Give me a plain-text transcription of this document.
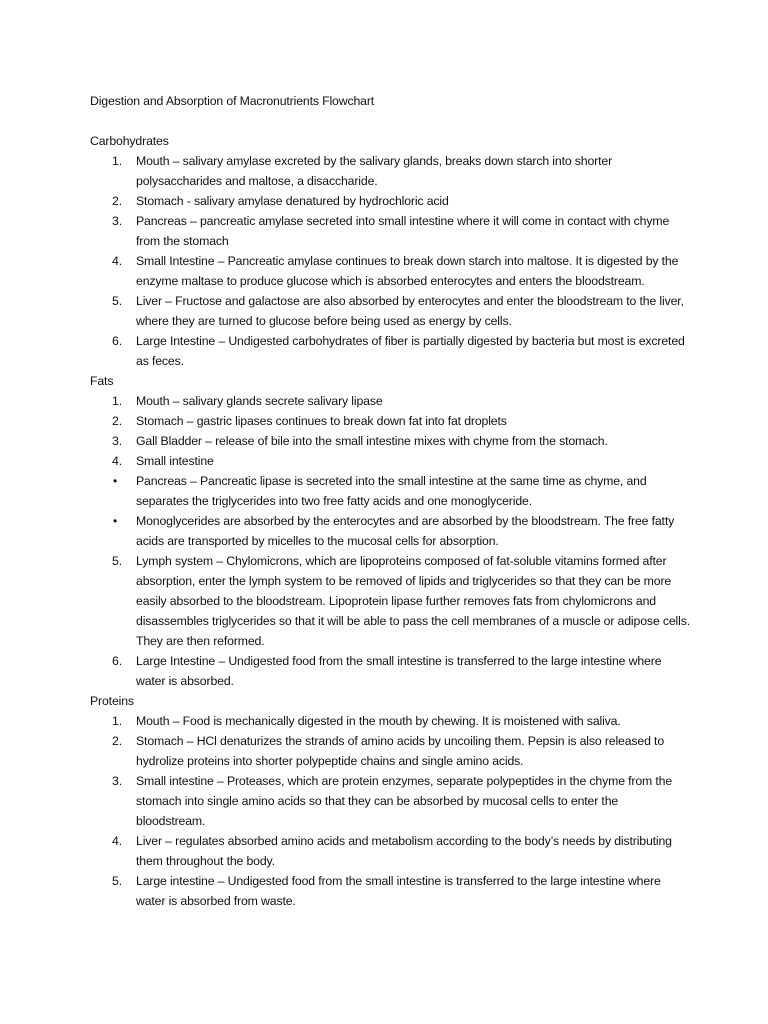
Digestion and Absorption of Macronutrients Flowchart
Carbohydrates
1.	Mouth – salivary amylase excreted by the salivary glands, breaks down starch into shorter polysaccharides and maltose, a disaccharide.
2.	Stomach - salivary amylase denatured by hydrochloric acid
3.	Pancreas – pancreatic amylase secreted into small intestine where it will come in contact with chyme from the stomach
4.	Small Intestine – Pancreatic amylase continues to break down starch into maltose. It is digested by the enzyme maltase to produce glucose which is absorbed enterocytes and enters the bloodstream.
5.	Liver – Fructose and galactose are also absorbed by enterocytes and enter the bloodstream to the liver, where they are turned to glucose before being used as energy by cells.
6.	Large Intestine – Undigested carbohydrates of fiber is partially digested by bacteria but most is excreted as feces.
Fats
1.	Mouth – salivary glands secrete salivary lipase
2.	Stomach – gastric lipases continues to break down fat into fat droplets
3.	Gall Bladder – release of bile into the small intestine mixes with chyme from the stomach.
4.	Small intestine
• Pancreas – Pancreatic lipase is secreted into the small intestine at the same time as chyme, and separates the triglycerides into two free fatty acids and one monoglyceride.
• Monoglycerides are absorbed by the enterocytes and are absorbed by the bloodstream. The free fatty acids are transported by micelles to the mucosal cells for absorption.
5.	Lymph system – Chylomicrons, which are lipoproteins composed of fat-soluble vitamins formed after absorption, enter the lymph system to be removed of lipids and triglycerides so that they can be more easily absorbed to the bloodstream. Lipoprotein lipase further removes fats from chylomicrons and disassembles triglycerides so that it will be able to pass the cell membranes of a muscle or adipose cells. They are then reformed.
6.	Large Intestine – Undigested food from the small intestine is transferred to the large intestine where water is absorbed.
Proteins
1.	Mouth – Food is mechanically digested in the mouth by chewing. It is moistened with saliva.
2.	Stomach – HCl denaturizes the strands of amino acids by uncoiling them. Pepsin is also released to hydrolize proteins into shorter polypeptide chains and single amino acids.
3.	Small intestine – Proteases, which are protein enzymes, separate polypeptides in the chyme from the stomach into single amino acids so that they can be absorbed by mucosal cells to enter the bloodstream.
4.	Liver – regulates absorbed amino acids and metabolism according to the body’s needs by distributing them throughout the body.
5.	Large intestine – Undigested food from the small intestine is transferred to the large intestine where water is absorbed from waste.
